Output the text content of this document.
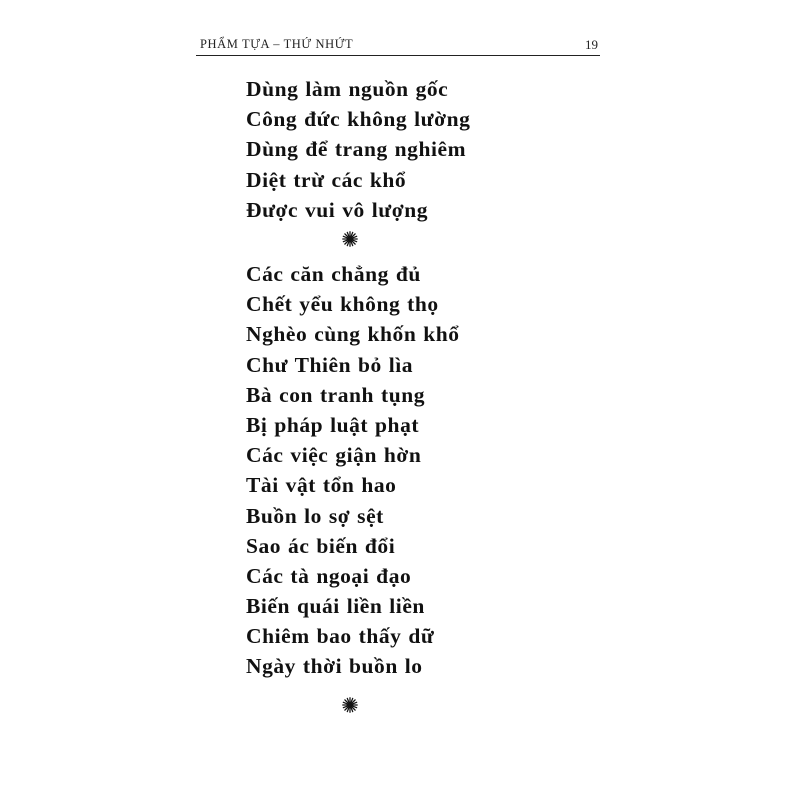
PHẨM TỰA – THỨ NHỨT	19
Dùng làm nguồn gốc
Công đức không lường
Dùng để trang nghiêm
Diệt trừ các khổ
Được vui vô lượng
Các căn chẳng đủ
Chết yểu không thọ
Nghèo cùng khốn khổ
Chư Thiên bỏ lìa
Bà con tranh tụng
Bị pháp luật phạt
Các việc giận hờn
Tài vật tổn hao
Buồn lo sợ sệt
Sao ác biến đổi
Các tà ngoại đạo
Biến quái liền liền
Chiêm bao thấy dữ
Ngày thời buồn lo
